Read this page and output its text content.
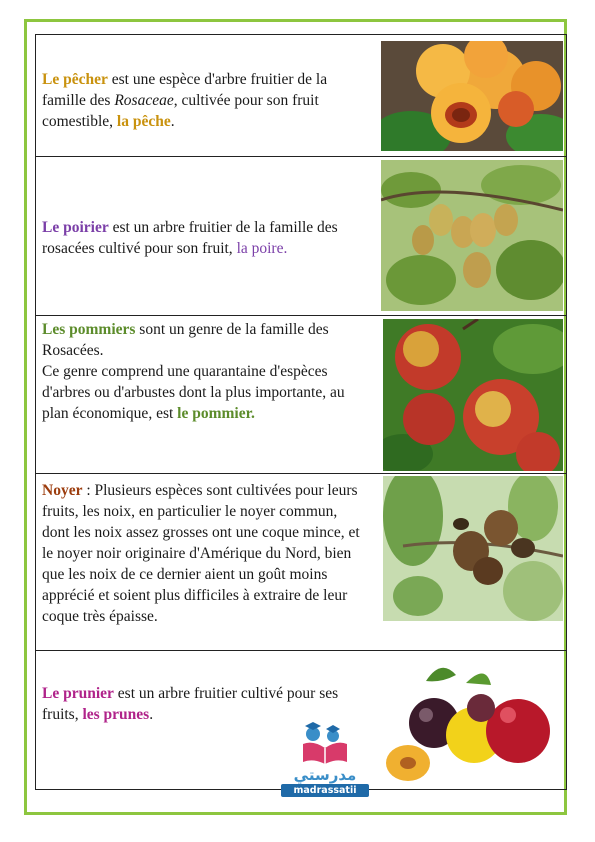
Le pêcher est une espèce d'arbre fruitier de la famille des Rosaceae, cultivée pour son fruit comestible, la pêche.
Le poirier est un arbre fruitier de la famille des rosacées cultivé pour son fruit, la poire.

Les pommiers sont un genre de la famille des Rosacées.

Ce genre comprend une quarantaine d'espèces d'arbres ou d'arbustes dont la plus importante, au plan économique, est le pommier.

Noyer : Plusieurs espèces sont cultivées pour leurs fruits, les noix, en particulier le noyer commun, dont les noix assez grosses ont une coque mince, et le noyer noir originaire d'Amérique du Nord, bien que les noix de ce dernier aient un goût moins apprécié et soient plus difficiles à extraire de leur coque très épaisse.
Le prunier est un arbre fruitier cultivé pour ses fruits, les prunes.
مدرستي
madrassatii
